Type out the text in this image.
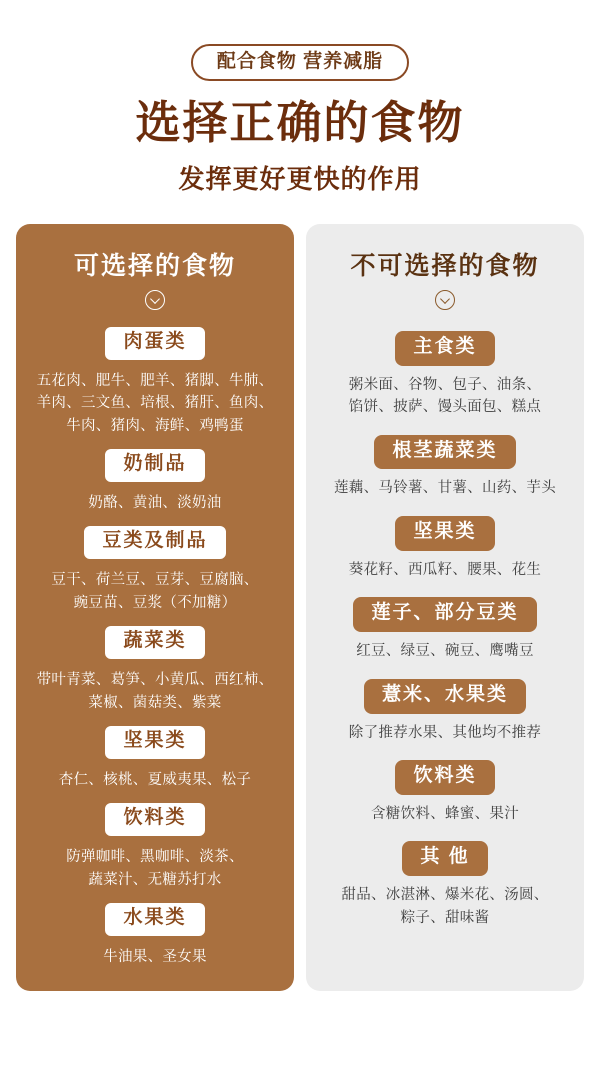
配合食物 营养减脂
选择正确的食物
发挥更好更快的作用
可选择的食物
肉蛋类
五花肉、肥牛、肥羊、猪脚、牛肺、
羊肉、三文鱼、培根、猪肝、鱼肉、
牛肉、猪肉、海鲜、鸡鸭蛋
奶制品
奶酪、黄油、淡奶油
豆类及制品
豆干、荷兰豆、豆芽、豆腐脑、
豌豆苗、豆浆（不加糖）
蔬菜类
带叶青菜、葛笋、小黄瓜、西红柿、
菜椒、菌菇类、紫菜
坚果类
杏仁、核桃、夏威夷果、松子
饮料类
防弹咖啡、黑咖啡、淡茶、
蔬菜汁、无糖苏打水
水果类
牛油果、圣女果
不可选择的食物
主食类
粥米面、谷物、包子、油条、
馅饼、披萨、馒头面包、糕点
根茎蔬菜类
莲藕、马铃薯、甘薯、山药、芋头
坚果类
葵花籽、西瓜籽、腰果、花生
莲子、部分豆类
红豆、绿豆、碗豆、鹰嘴豆
薏米、水果类
除了推荐水果、其他均不推荐
饮料类
含糖饮料、蜂蜜、果汁
其 他
甜品、冰湛淋、爆米花、汤圆、
粽子、甜味酱
